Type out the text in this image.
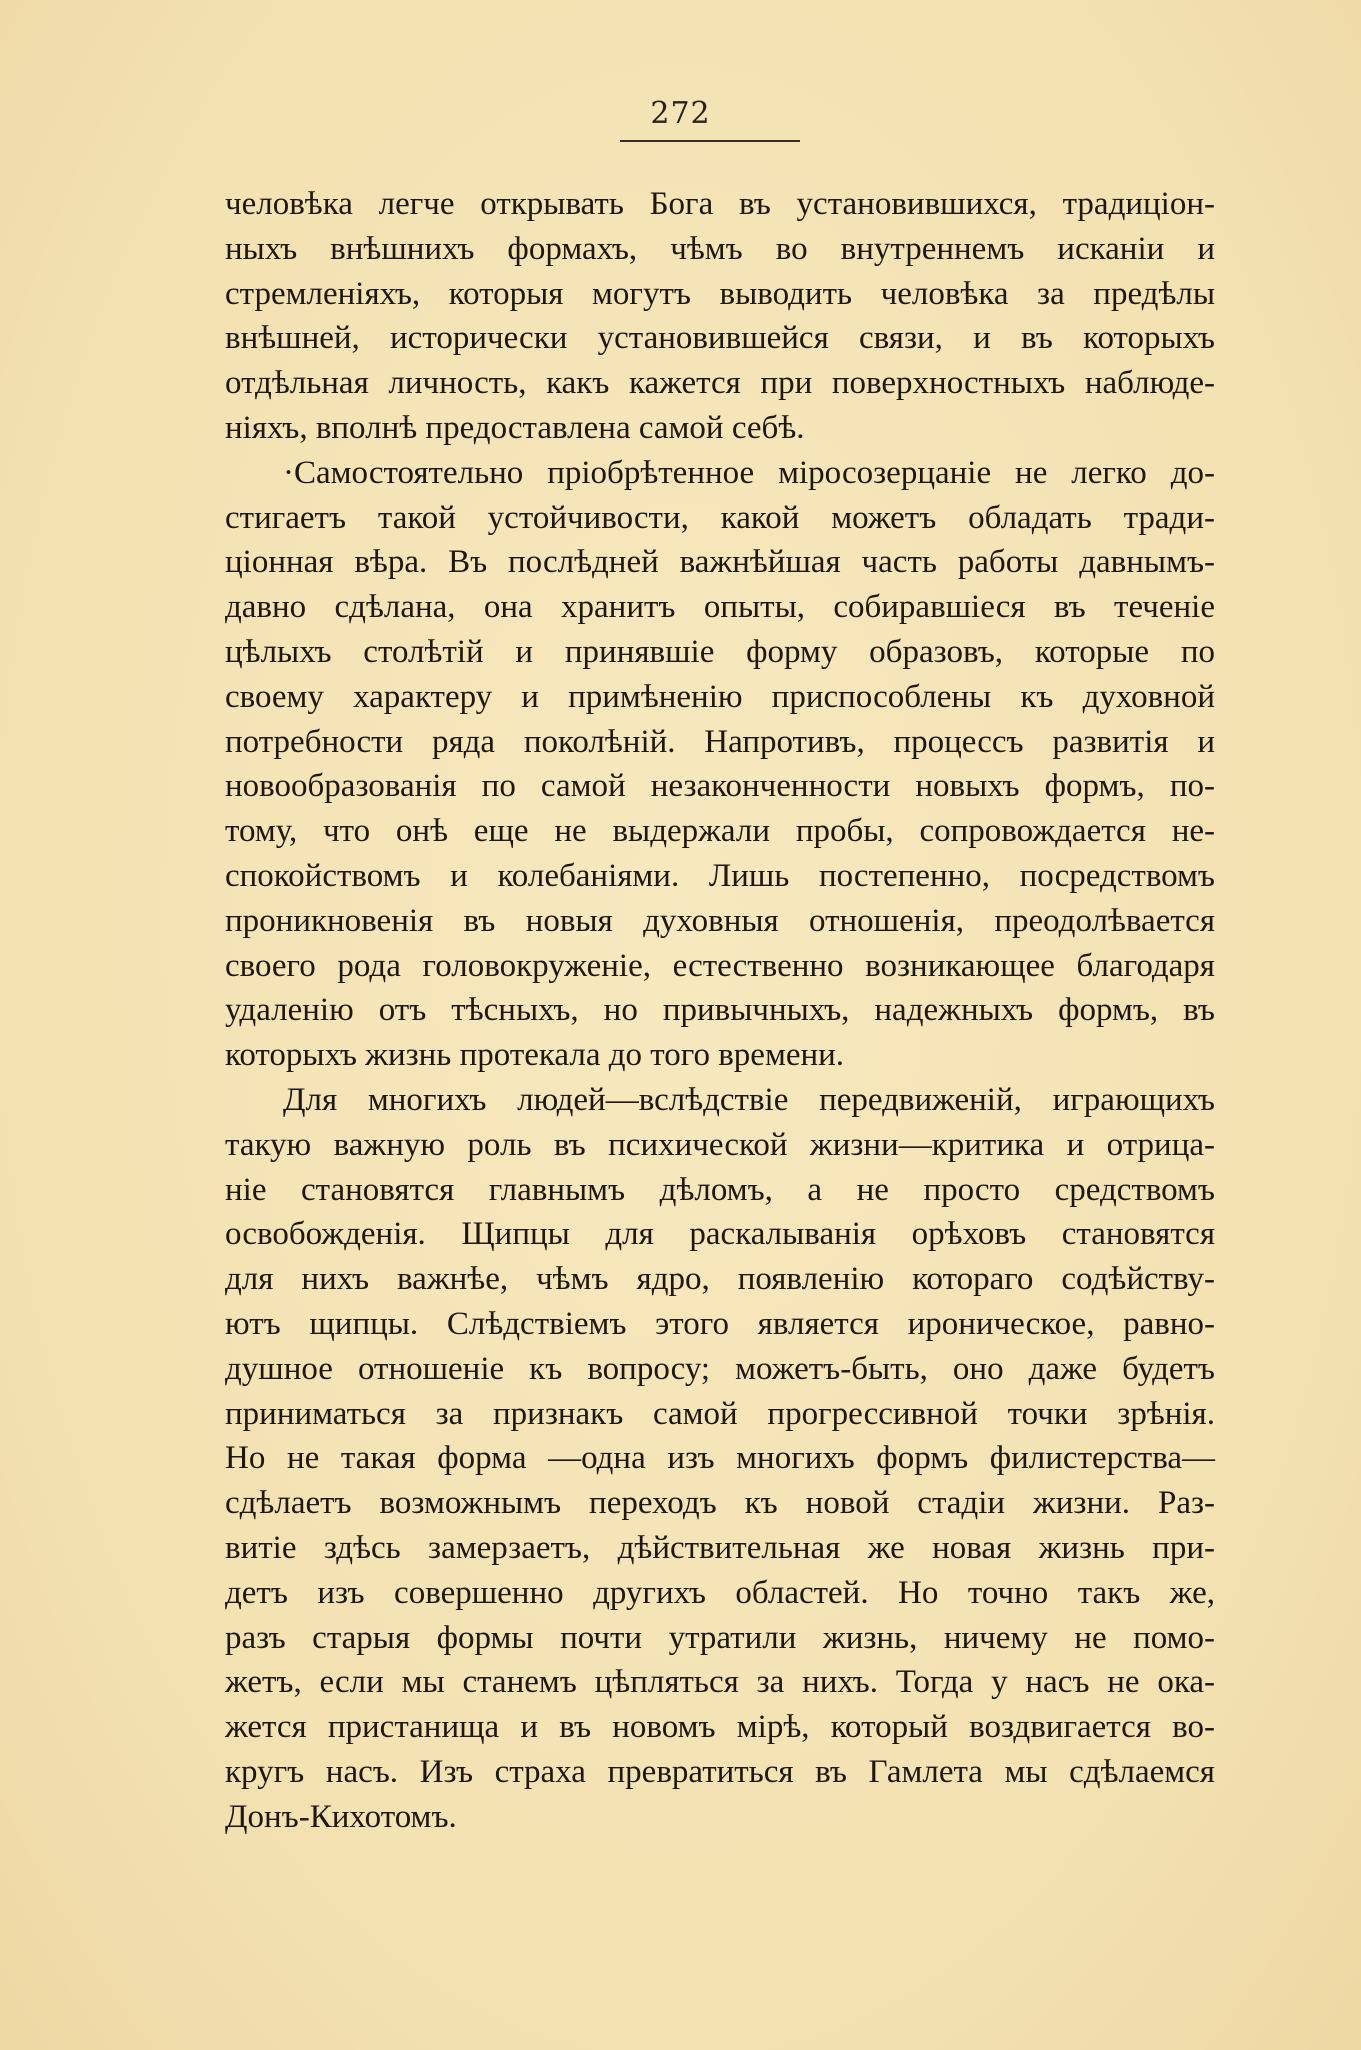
272

человѣка легче открывать Бога въ установившихся, традиціон-
ныхъ внѣшнихъ формахъ, чѣмъ во внутреннемъ исканіи и
стремленіяхъ, которыя могутъ выводить человѣка за предѣлы
внѣшней, исторически установившейся связи, и въ которыхъ
отдѣльная личность, какъ кажется при поверхностныхъ наблюде-
ніяхъ, вполнѣ предоставлена самой себѣ.

·Самостоятельно пріобрѣтенное міросозерцаніе не легко до-
стигаетъ такой устойчивости, какой можетъ обладать тради-
ціонная вѣра. Въ послѣдней важнѣйшая часть работы давнымъ-
давно сдѣлана, она хранитъ опыты, собиравшіеся въ теченіе
цѣлыхъ столѣтій и принявшіе форму образовъ, которые по
своему характеру и примѣненію приспособлены къ духовной
потребности ряда поколѣній. Напротивъ, процессъ развитія и
новообразованія по самой незаконченности новыхъ формъ, по-
тому, что онѣ еще не выдержали пробы, сопровождается не-
спокойствомъ и колебаніями. Лишь постепенно, посредствомъ
проникновенія въ новыя духовныя отношенія, преодолѣвается
своего рода головокруженіе, естественно возникающее благодаря
удаленію отъ тѣсныхъ, но привычныхъ, надежныхъ формъ, въ
которыхъ жизнь протекала до того времени.

Для многихъ людей—вслѣдствіе передвиженій, играющихъ
такую важную роль въ психической жизни—критика и отрица-
ніе становятся главнымъ дѣломъ, а не просто средствомъ
освобожденія. Щипцы для раскалыванія орѣховъ становятся
для нихъ важнѣе, чѣмъ ядро, появленію котораго содѣйству-
ютъ щипцы. Слѣдствіемъ этого является ироническое, равно-
душное отношеніе къ вопросу; можетъ-быть, оно даже будетъ
приниматься за признакъ самой прогрессивной точки зрѣнія.
Но не такая форма —одна изъ многихъ формъ филистерства—
сдѣлаетъ возможнымъ переходъ къ новой стадіи жизни. Раз-
витіе здѣсь замерзаетъ, дѣйствительная же новая жизнь при-
детъ изъ совершенно другихъ областей. Но точно такъ же,
разъ старыя формы почти утратили жизнь, ничему не помо-
жетъ, если мы станемъ цѣпляться за нихъ. Тогда у насъ не ока-
жется пристанища и въ новомъ мірѣ, который воздвигается во-
кругъ насъ. Изъ страха превратиться въ Гамлета мы сдѣлаемся
Донъ-Кихотомъ.
